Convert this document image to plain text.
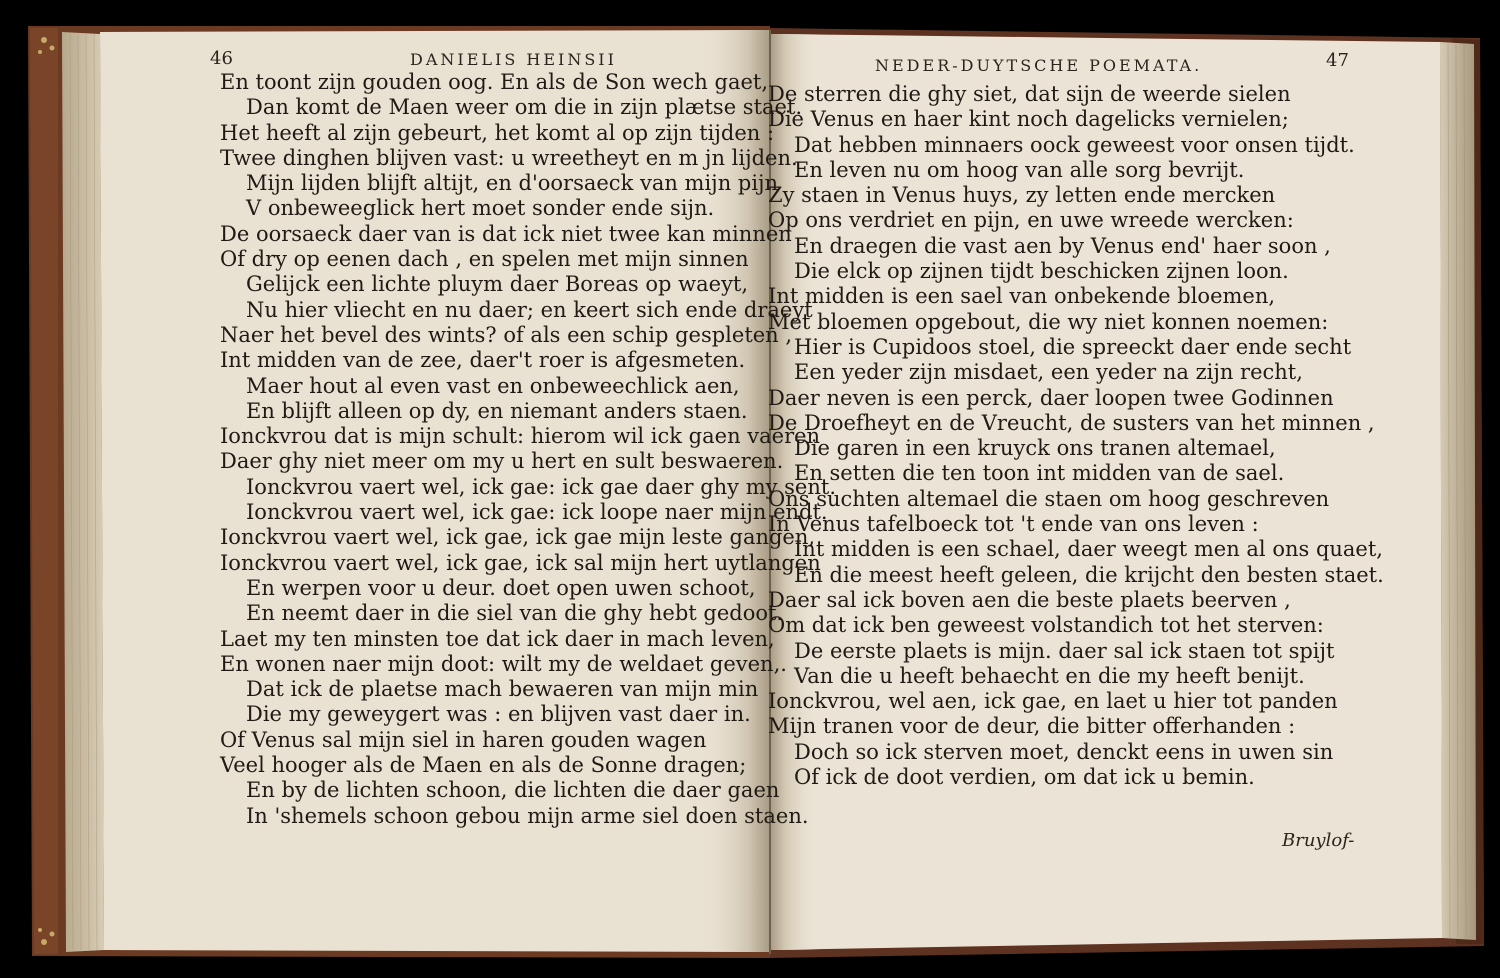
46	DANIELIS HEINSII
En toont zijn gouden oog. En als de Son wech gaet,
Dan komt de Maen weer om die in zijn plætse staet.
Het heeft al zijn gebeurt, het komt al op zijn tijden :
Twee dinghen blijven vast: u wreetheyt en m jn lijden.
Mijn lijden blijft altijt, en d'oorsaeck van mijn pijn
V onbeweeglick hert moet sonder ende sijn.
De oorsaeck daer van is dat ick niet twee kan minnen
Of dry op eenen dach , en spelen met mijn sinnen
Gelijck een lichte pluym daer Boreas op waeyt,
Nu hier vliecht en nu daer; en keert sich ende draeyt
Naer het bevel des wints? of als een schip gespleten ,
Int midden van de zee, daer't roer is afgesmeten.
Maer hout al even vast en onbeweechlick aen,
En blijft alleen op dy, en niemant anders staen.
Ionckvrou dat is mijn schult: hierom wil ick gaen vaeren
Daer ghy niet meer om my u hert en sult beswaeren.
Ionckvrou vaert wel, ick gae: ick gae daer ghy my sent.
Ionckvrou vaert wel, ick gae: ick loope naer mijn endt.
Ionckvrou vaert wel, ick gae, ick gae mijn leste gangen,
Ionckvrou vaert wel, ick gae, ick sal mijn hert uytlangen
En werpen voor u deur. doet open uwen schoot,
En neemt daer in die siel van die ghy hebt gedoot.
Laet my ten minsten toe dat ick daer in mach leven,
En wonen naer mijn doot: wilt my de weldaet geven,.
Dat ick de plaetse mach bewaeren van mijn min
Die my geweygert was : en blijven vast daer in.
Of Venus sal mijn siel in haren gouden wagen
Veel hooger als de Maen en als de Sonne dragen;
En by de lichten schoon, die lichten die daer gaen
In 'shemels schoon gebou mijn arme siel doen staen.
NEDER-DUYTSCHE POEMATA.	47
De sterren die ghy siet, dat sijn de weerde sielen
Die Venus en haer kint noch dagelicks vernielen;
Dat hebben minnaers oock geweest voor onsen tijdt.
En leven nu om hoog van alle sorg bevrijt.
Zy staen in Venus huys, zy letten ende mercken
Op ons verdriet en pijn, en uwe wreede wercken:
En draegen die vast aen by Venus end' haer soon ,
Die elck op zijnen tijdt beschicken zijnen loon.
Int midden is een sael van onbekende bloemen,
Met bloemen opgebout, die wy niet konnen noemen:
Hier is Cupidoos stoel, die spreeckt daer ende secht
Een yeder zijn misdaet, een yeder na zijn recht,
Daer neven is een perck, daer loopen twee Godinnen
De Droefheyt en de Vreucht, de susters van het minnen ,
Die garen in een kruyck ons tranen altemael,
En setten die ten toon int midden van de sael.
Ons suchten altemael die staen om hoog geschreven
In Venus tafelboeck tot 't ende van ons leven :
Int midden is een schael, daer weegt men al ons quaet,
En die meest heeft geleen, die krijcht den besten staet.
Daer sal ick boven aen die beste plaets beerven ,
Om dat ick ben geweest volstandich tot het sterven:
De eerste plaets is mijn. daer sal ick staen tot spijt
Van die u heeft behaecht en die my heeft benijt.
Ionckvrou, wel aen, ick gae, en laet u hier tot panden
Mijn tranen voor de deur, die bitter offerhanden :
Doch so ick sterven moet, denckt eens in uwen sin
Of ick de doot verdien, om dat ick u bemin.
Bruylof-
